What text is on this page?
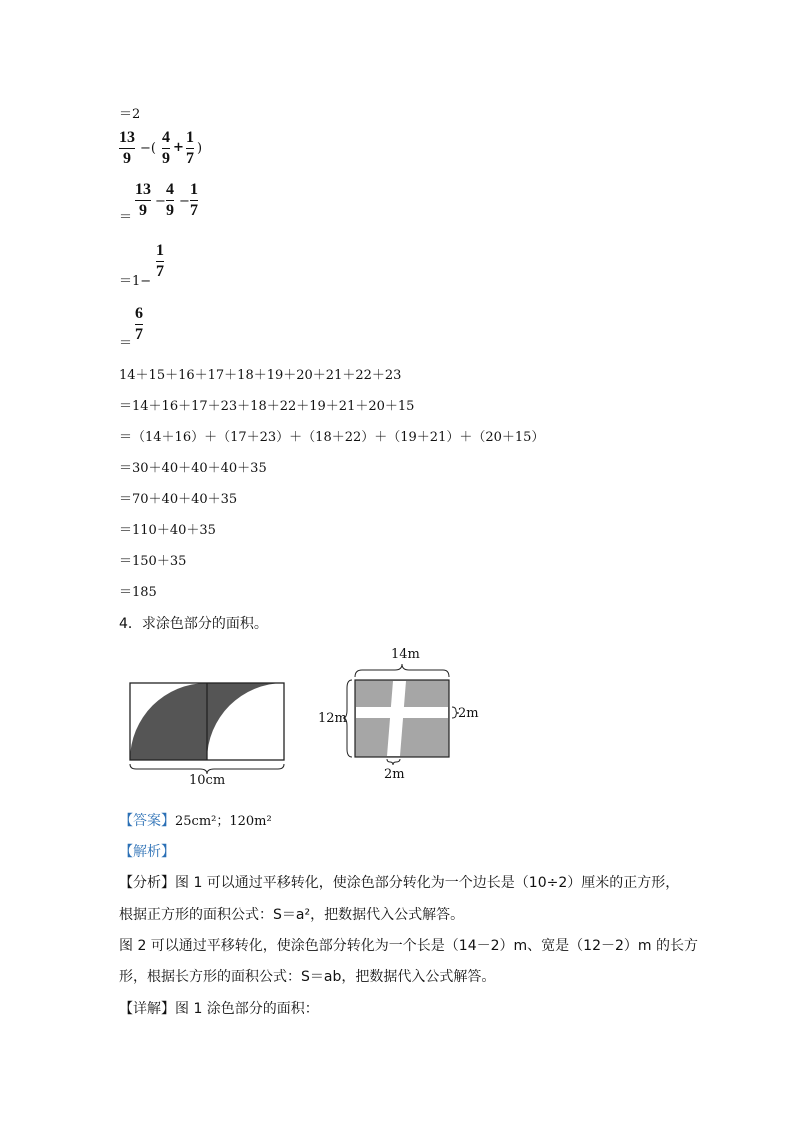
＝2
13
9
−(
4
9
+
1
7
)
＝
13
9
−
4
9
−
1
7
＝1−
1
7
＝
6
7
14＋15＋16＋17＋18＋19＋20＋21＋22＋23
＝14＋16＋17＋23＋18＋22＋19＋21＋20＋15
＝（14＋16）＋（17＋23）＋（18＋22）＋（19＋21）＋（20＋15）
＝30＋40＋40＋40＋35
＝70＋40＋40＋35
＝110＋40＋35
＝150＋35
＝185
4．求涂色部分的面积。
10cm
14m
12m	2m
2m
【答案】25cm²；120m²
【解析】
【分析】图 1 可以通过平移转化，使涂色部分转化为一个边长是（10÷2）厘米的正方形，
根据正方形的面积公式：S＝a²，把数据代入公式解答。
图 2 可以通过平移转化，使涂色部分转化为一个长是（14－2）m、宽是（12－2）m 的长方
形，根据长方形的面积公式：S＝ab，把数据代入公式解答。
【详解】图 1 涂色部分的面积：
